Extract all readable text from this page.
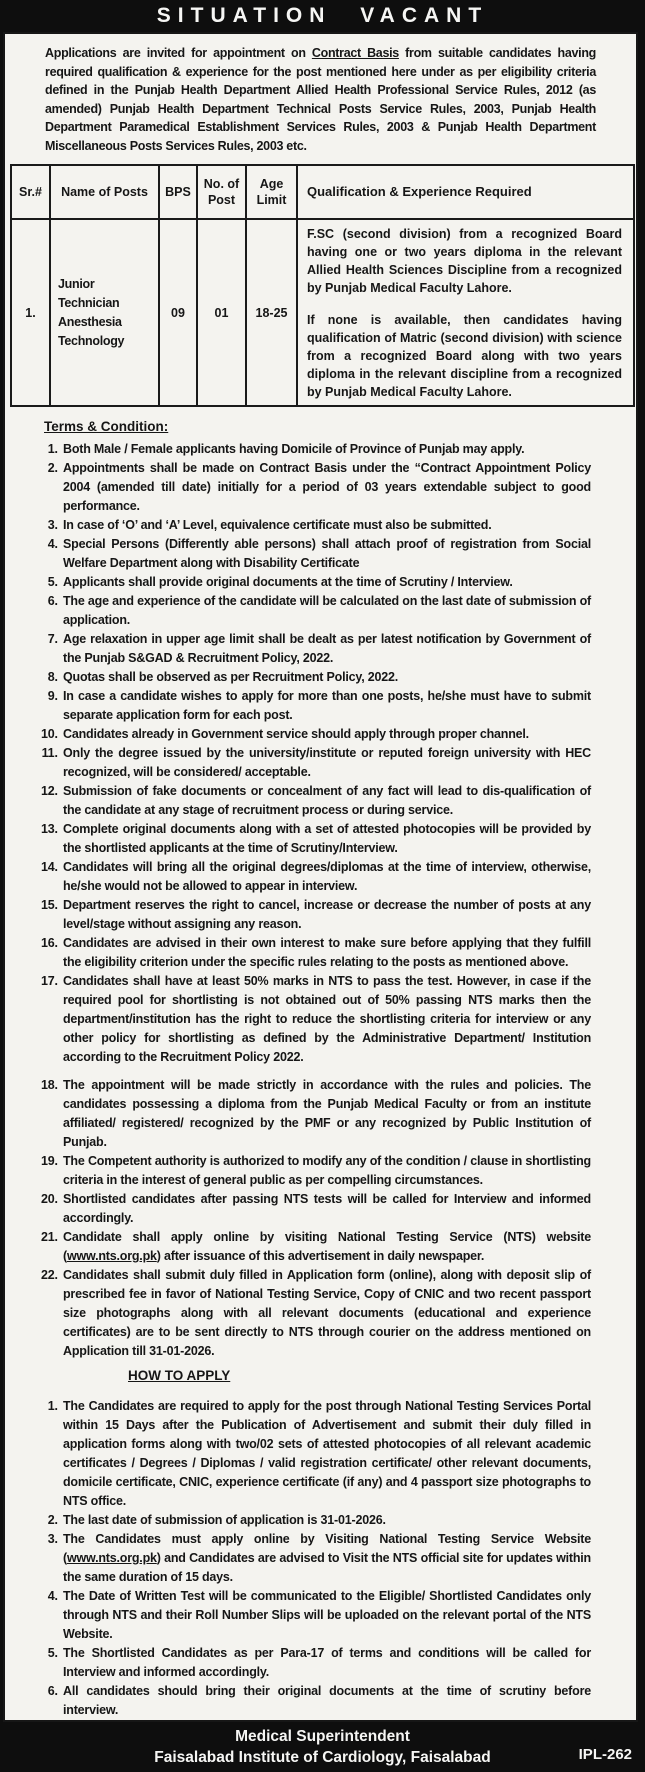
SITUATION VACANT

Applications are invited for appointment on Contract Basis from suitable candidates having required qualification & experience for the post mentioned here under as per eligibility criteria defined in the Punjab Health Department Allied Health Professional Service Rules, 2012 (as amended) Punjab Health Department Technical Posts Service Rules, 2003, Punjab Health Department Paramedical Establishment Services Rules, 2003 & Punjab Health Department Miscellaneous Posts Services Rules, 2003 etc.

Sr.#	Name of Posts	BPS	No. of Post	Age Limit	Qualification & Experience Required
1.	Junior Technician Anesthesia Technology	09	01	18-25	F.SC (second division) from a recognized Board having one or two years diploma in the relevant Allied Health Sciences Discipline from a recognized by Punjab Medical Faculty Lahore.

If none is available, then candidates having qualification of Matric (second division) with science from a recognized Board along with two years diploma in the relevant discipline from a recognized by Punjab Medical Faculty Lahore.

Terms & Condition:
1. Both Male / Female applicants having Domicile of Province of Punjab may apply.
2. Appointments shall be made on Contract Basis under the “Contract Appointment Policy 2004 (amended till date) initially for a period of 03 years extendable subject to good performance.
3. In case of ‘O’ and ‘A’ Level, equivalence certificate must also be submitted.
4. Special Persons (Differently able persons) shall attach proof of registration from Social Welfare Department along with Disability Certificate
5. Applicants shall provide original documents at the time of Scrutiny / Interview.
6. The age and experience of the candidate will be calculated on the last date of submission of application.
7. Age relaxation in upper age limit shall be dealt as per latest notification by Government of the Punjab S&GAD & Recruitment Policy, 2022.
8. Quotas shall be observed as per Recruitment Policy, 2022.
9. In case a candidate wishes to apply for more than one posts, he/she must have to submit separate application form for each post.
10. Candidates already in Government service should apply through proper channel.
11. Only the degree issued by the university/institute or reputed foreign university with HEC recognized, will be considered/ acceptable.
12. Submission of fake documents or concealment of any fact will lead to dis-qualification of the candidate at any stage of recruitment process or during service.
13. Complete original documents along with a set of attested photocopies will be provided by the shortlisted applicants at the time of Scrutiny/Interview.
14. Candidates will bring all the original degrees/diplomas at the time of interview, otherwise, he/she would not be allowed to appear in interview.
15. Department reserves the right to cancel, increase or decrease the number of posts at any level/stage without assigning any reason.
16. Candidates are advised in their own interest to make sure before applying that they fulfill the eligibility criterion under the specific rules relating to the posts as mentioned above.
17. Candidates shall have at least 50% marks in NTS to pass the test. However, in case if the required pool for shortlisting is not obtained out of 50% passing NTS marks then the department/institution has the right to reduce the shortlisting criteria for interview or any other policy for shortlisting as defined by the Administrative Department/ Institution according to the Recruitment Policy 2022.
18. The appointment will be made strictly in accordance with the rules and policies. The candidates possessing a diploma from the Punjab Medical Faculty or from an institute affiliated/ registered/ recognized by the PMF or any recognized by Public Institution of Punjab.
19. The Competent authority is authorized to modify any of the condition / clause in shortlisting criteria in the interest of general public as per compelling circumstances.
20. Shortlisted candidates after passing NTS tests will be called for Interview and informed accordingly.
21. Candidate shall apply online by visiting National Testing Service (NTS) website (www.nts.org.pk) after issuance of this advertisement in daily newspaper.
22. Candidates shall submit duly filled in Application form (online), along with deposit slip of prescribed fee in favor of National Testing Service, Copy of CNIC and two recent passport size photographs along with all relevant documents (educational and experience certificates) are to be sent directly to NTS through courier on the address mentioned on Application till 31-01-2026.
HOW TO APPLY
1. The Candidates are required to apply for the post through National Testing Services Portal within 15 Days after the Publication of Advertisement and submit their duly filled in application forms along with two/02 sets of attested photocopies of all relevant academic certificates / Degrees / Diplomas / valid registration certificate/ other relevant documents, domicile certificate, CNIC, experience certificate (if any) and 4 passport size photographs to NTS office.
2. The last date of submission of application is 31-01-2026.
3. The Candidates must apply online by Visiting National Testing Service Website (www.nts.org.pk) and Candidates are advised to Visit the NTS official site for updates within the same duration of 15 days.
4. The Date of Written Test will be communicated to the Eligible/ Shortlisted Candidates only through NTS and their Roll Number Slips will be uploaded on the relevant portal of the NTS Website.
5. The Shortlisted Candidates as per Para-17 of terms and conditions will be called for Interview and informed accordingly.
6. All candidates should bring their original documents at the time of scrutiny before interview.
7.
Medical Superintendent
Faisalabad Institute of Cardiology, Faisalabad	IPL-262
